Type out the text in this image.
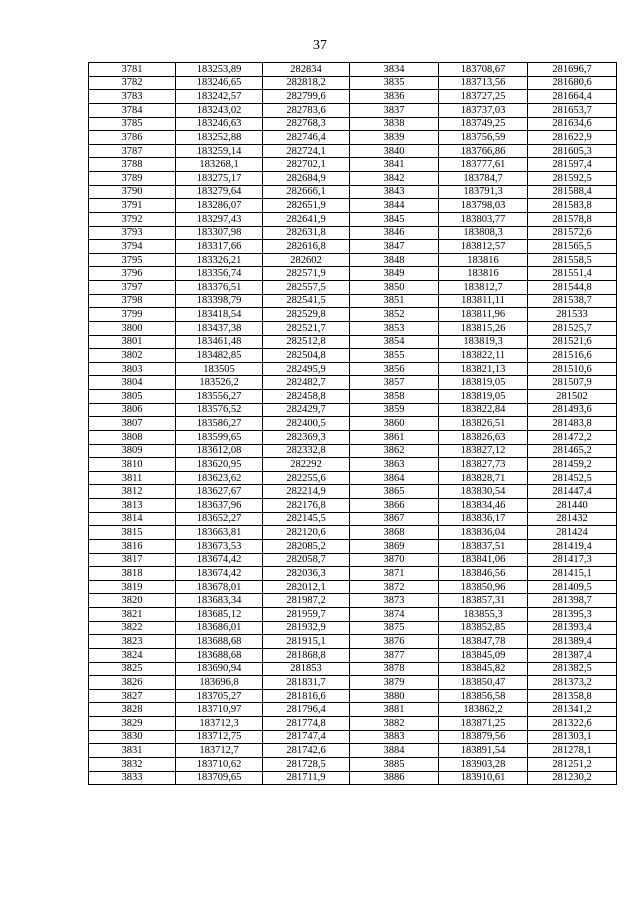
37
3781	183253,89	282834	3834	183708,67	281696,7
3782	183246,65	282818,2	3835	183713,56	281680,6
3783	183242,57	282799,6	3836	183727,25	281664,4
3784	183243,02	282783,6	3837	183737,03	281653,7
3785	183246,63	282768,3	3838	183749,25	281634,6
3786	183252,88	282746,4	3839	183756,59	281622,9
3787	183259,14	282724,1	3840	183766,86	281605,3
3788	183268,1	282702,1	3841	183777,61	281597,4
3789	183275,17	282684,9	3842	183784,7	281592,5
3790	183279,64	282666,1	3843	183791,3	281588,4
3791	183286,07	282651,9	3844	183798,03	281583,8
3792	183297,43	282641,9	3845	183803,77	281578,8
3793	183307,98	282631,8	3846	183808,3	281572,6
3794	183317,66	282616,8	3847	183812,57	281565,5
3795	183326,21	282602	3848	183816	281558,5
3796	183356,74	282571,9	3849	183816	281551,4
3797	183376,51	282557,5	3850	183812,7	281544,8
3798	183398,79	282541,5	3851	183811,11	281538,7
3799	183418,54	282529,8	3852	183811,96	281533
3800	183437,38	282521,7	3853	183815,26	281525,7
3801	183461,48	282512,8	3854	183819,3	281521,6
3802	183482,85	282504,8	3855	183822,11	281516,6
3803	183505	282495,9	3856	183821,13	281510,6
3804	183526,2	282482,7	3857	183819,05	281507,9
3805	183556,27	282458,8	3858	183819,05	281502
3806	183576,52	282429,7	3859	183822,84	281493,6
3807	183586,27	282400,5	3860	183826,51	281483,8
3808	183599,65	282369,3	3861	183826,63	281472,2
3809	183612,08	282332,8	3862	183827,12	281465,2
3810	183620,95	282292	3863	183827,73	281459,2
3811	183623,62	282255,6	3864	183828,71	281452,5
3812	183627,67	282214,9	3865	183830,54	281447,4
3813	183637,96	282176,8	3866	183834,46	281440
3814	183652,27	282145,5	3867	183836,17	281432
3815	183663,81	282120,6	3868	183836,04	281424
3816	183673,53	282085,2	3869	183837,51	281419,4
3817	183674,42	282058,7	3870	183841,06	281417,3
3818	183674,42	282036,3	3871	183846,56	281415,1
3819	183678,01	282012,1	3872	183850,96	281409,5
3820	183683,34	281987,2	3873	183857,31	281398,7
3821	183685,12	281959,7	3874	183855,3	281395,3
3822	183686,01	281932,9	3875	183852,85	281393,4
3823	183688,68	281915,1	3876	183847,78	281389,4
3824	183688,68	281868,8	3877	183845,09	281387,4
3825	183690,94	281853	3878	183845,82	281382,5
3826	183696,8	281831,7	3879	183850,47	281373,2
3827	183705,27	281816,6	3880	183856,58	281358,8
3828	183710,97	281796,4	3881	183862,2	281341,2
3829	183712,3	281774,8	3882	183871,25	281322,6
3830	183712,75	281747,4	3883	183879,56	281303,1
3831	183712,7	281742,6	3884	183891,54	281278,1
3832	183710,62	281728,5	3885	183903,28	281251,2
3833	183709,65	281711,9	3886	183910,61	281230,2
